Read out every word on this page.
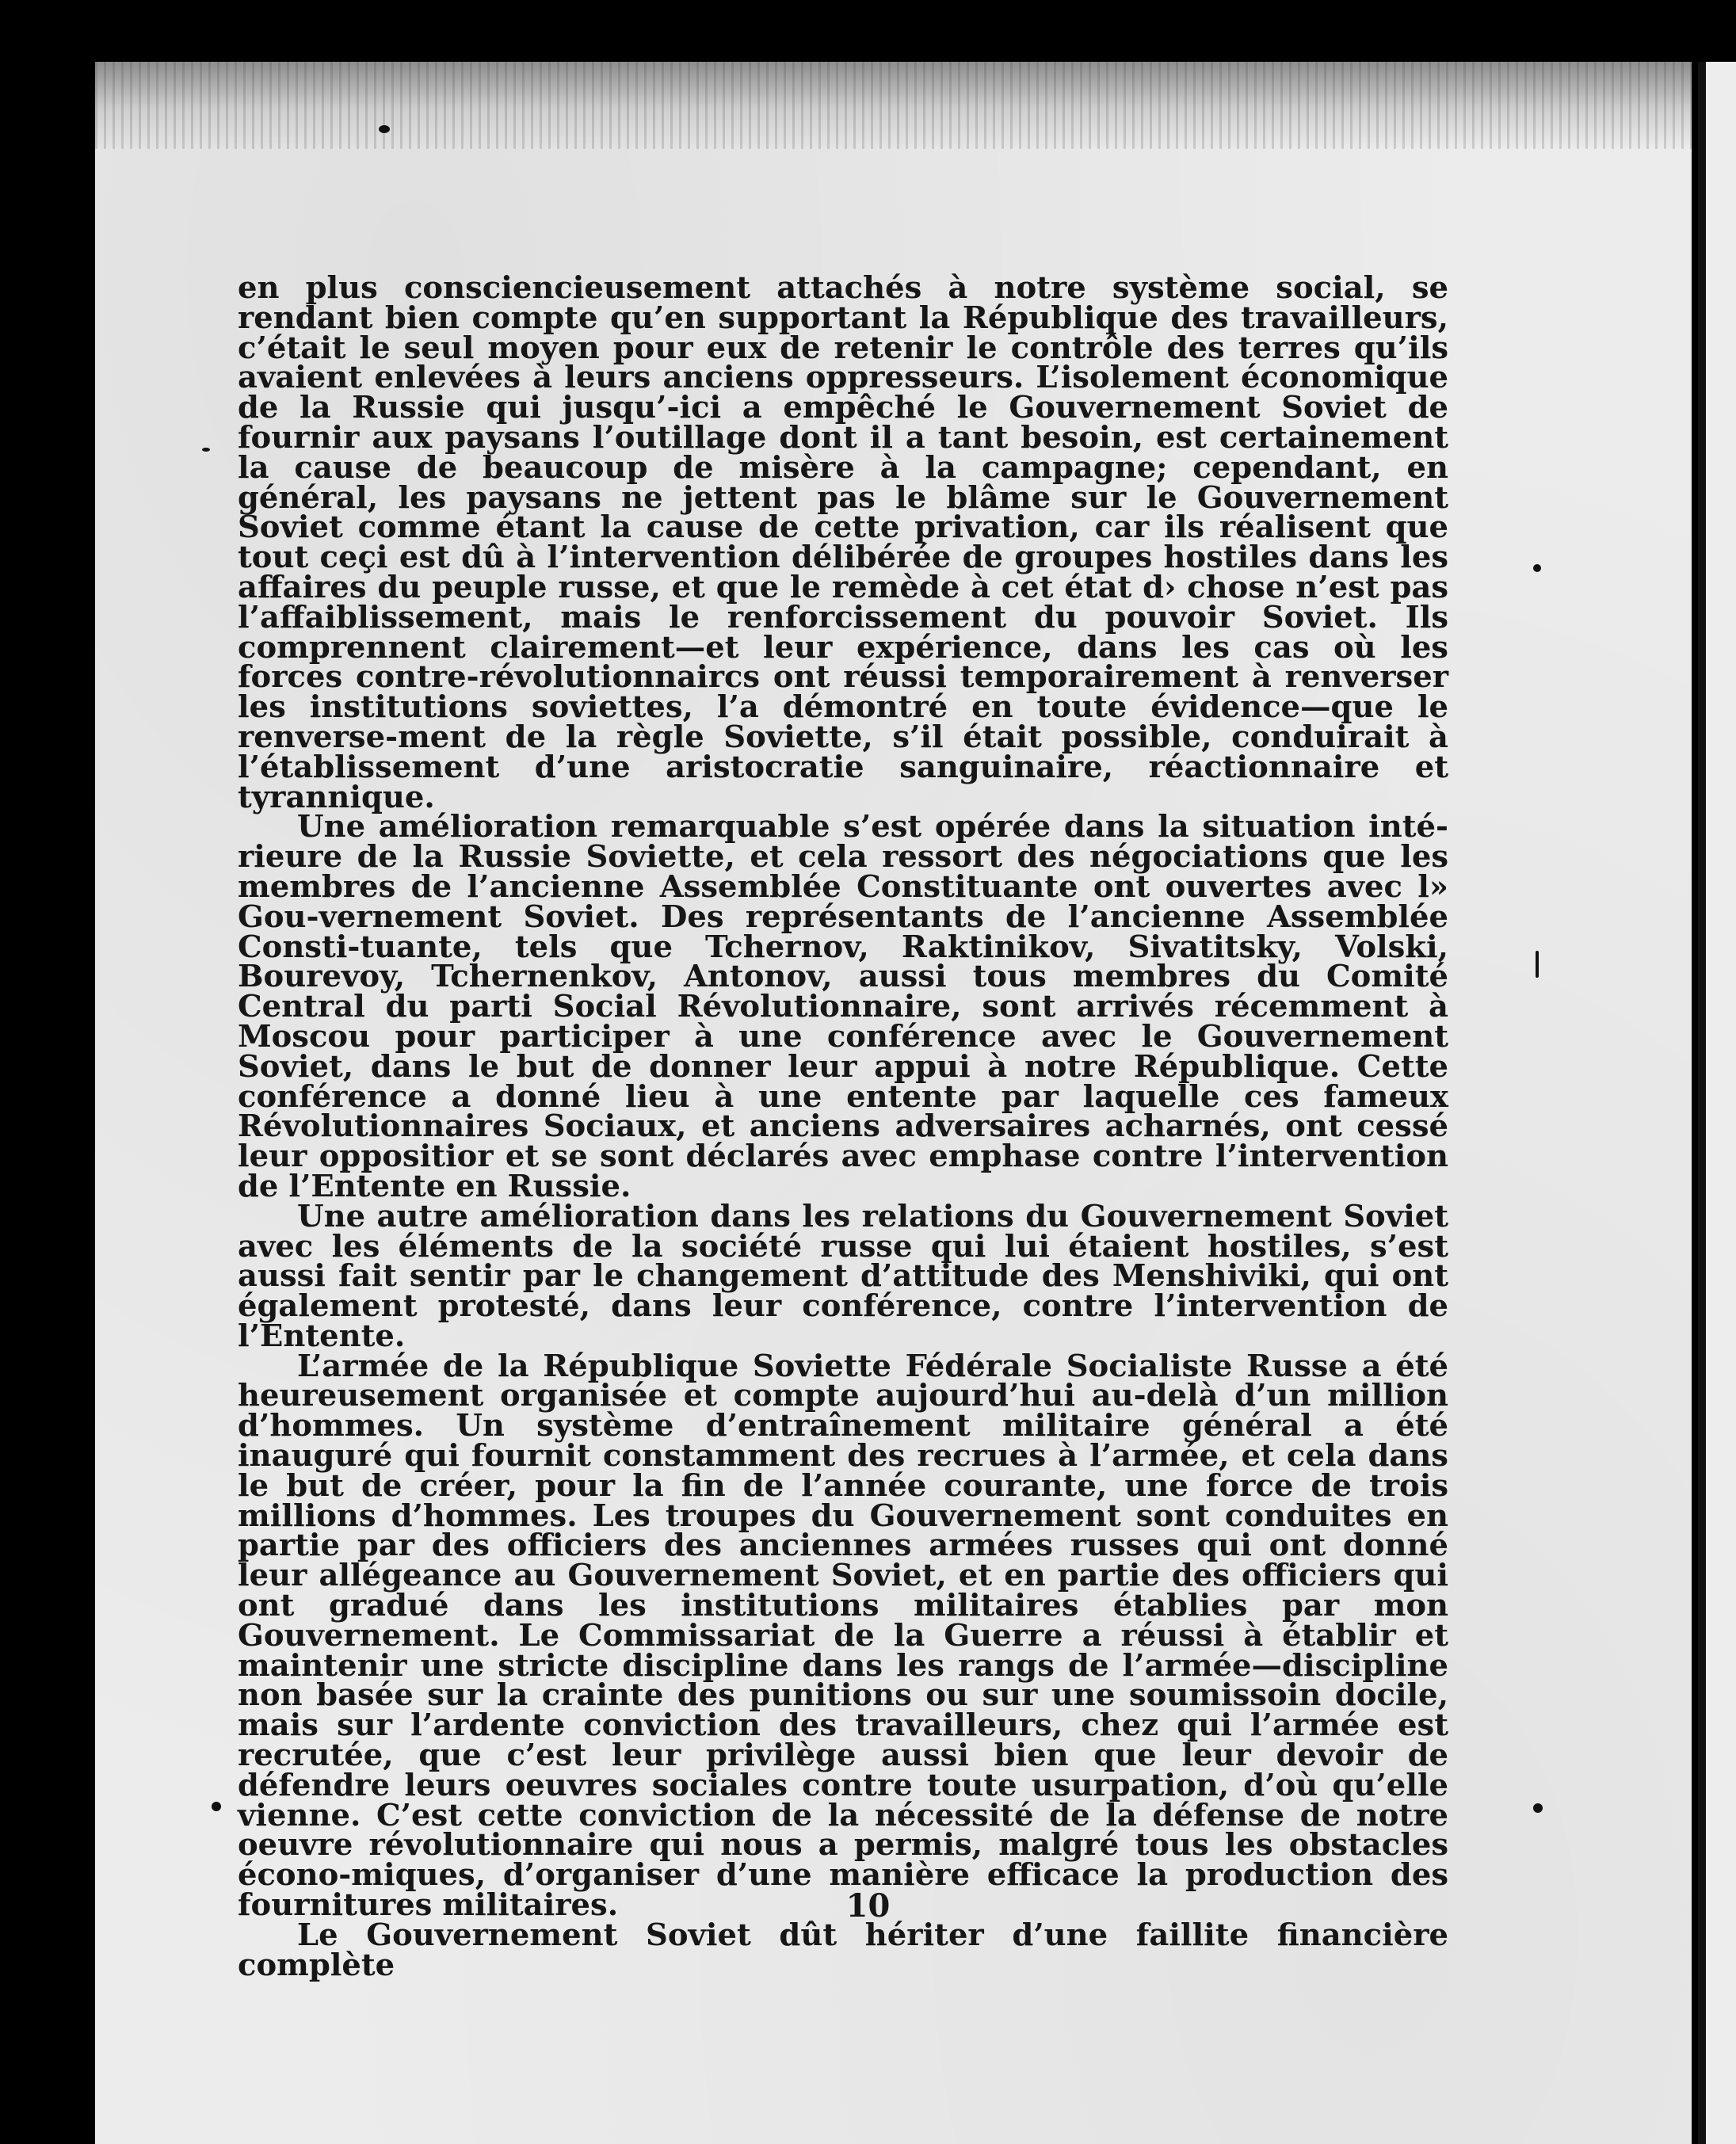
en plus consciencieusement attachés à notre système social, se rendant bien compte qu’en supportant la République des travailleurs, c’était le seul moyen pour eux de retenir le contrôle des terres qu’ils avaient enlevées à leurs anciens oppresseurs. L’isolement économique de la Russie qui jusqu’-ici a empêché le Gouvernement Soviet de fournir aux paysans l’outillage dont il a tant besoin, est certainement la cause de beaucoup de misère à la campagne; cependant, en général, les paysans ne jettent pas le blâme sur le Gouvernement Soviet comme étant la cause de cette privation, car ils réalisent que tout ceçi est dû à l’intervention délibérée de groupes hostiles dans les affaires du peuple russe, et que le remède à cet état d› chose n’est pas l’affaiblissement, mais le renforcissement du pouvoir Soviet. Ils comprennent clairement—et leur expérience, dans les cas où les forces contre-révolutionnaircs ont réussi temporairement à renverser les institutions soviettes, l’a démontré en toute évidence—que le renverse-ment de la règle Soviette, s’il était possible, conduirait à l’établissement d’une aristocratie sanguinaire, réactionnaire et tyrannique.

Une amélioration remarquable s’est opérée dans la situation inté-rieure de la Russie Soviette, et cela ressort des négociations que les membres de l’ancienne Assemblée Constituante ont ouvertes avec l» Gou-vernement Soviet. Des représentants de l’ancienne Assemblée Consti-tuante, tels que Tchernov, Raktinikov, Sivatitsky, Volski, Bourevoy, Tchernenkov, Antonov, aussi tous membres du Comité Central du parti Social Révolutionnaire, sont arrivés récemment à Moscou pour participer à une conférence avec le Gouvernement Soviet, dans le but de donner leur appui à notre République. Cette conférence a donné lieu à une entente par laquelle ces fameux Révolutionnaires Sociaux, et anciens adversaires acharnés, ont cessé leur oppositior et se sont déclarés avec emphase contre l’intervention de l’Entente en Russie.

Une autre amélioration dans les relations du Gouvernement Soviet avec les éléments de la société russe qui lui étaient hostiles, s’est aussi fait sentir par le changement d’attitude des Menshiviki, qui ont également protesté, dans leur conférence, contre l’intervention de l’Entente.

L’armée de la République Soviette Fédérale Socialiste Russe a été heureusement organisée et compte aujourd’hui au-delà d’un million d’hommes. Un système d’entraînement militaire général a été inauguré qui fournit constamment des recrues à l’armée, et cela dans le but de créer, pour la fin de l’année courante, une force de trois millions d’hommes. Les troupes du Gouvernement sont conduites en partie par des officiers des anciennes armées russes qui ont donné leur allégeance au Gouvernement Soviet, et en partie des officiers qui ont gradué dans les institutions militaires établies par mon Gouvernement. Le Commissariat de la Guerre a réussi à établir et maintenir une stricte discipline dans les rangs de l’armée—discipline non basée sur la crainte des punitions ou sur une soumissoin docile, mais sur l’ardente conviction des travailleurs, chez qui l’armée est recrutée, que c’est leur privilège aussi bien que leur devoir de défendre leurs oeuvres sociales contre toute usurpation, d’où qu’elle vienne. C’est cette conviction de la nécessité de la défense de notre oeuvre révolutionnaire qui nous a permis, malgré tous les obstacles écono-miques, d’organiser d’une manière efficace la production des fournitures militaires.

Le Gouvernement Soviet dût hériter d’une faillite financière complète

10
